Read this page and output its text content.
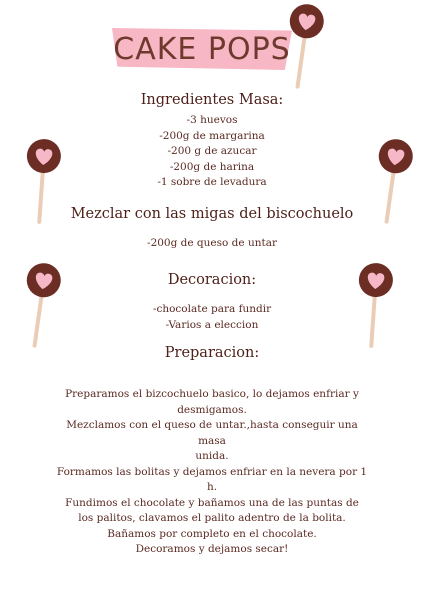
CAKE POPS
Ingredientes Masa:
-3 huevos
-200g de margarina
-200 g de azucar
-200g de harina
-1 sobre de levadura
Mezclar con las migas del biscochuelo
-200g de queso de untar
Decoracion:
-chocolate para fundir
-Varios a eleccion
Preparacion:
Preparamos el bizcochuelo basico, lo dejamos enfriar y
desmigamos.
Mezclamos con el queso de untar.,hasta conseguir una masa
unida.
Formamos las bolitas y dejamos enfriar en la nevera por 1 h.
Fundimos el chocolate y bañamos una de las puntas de
los palitos, clavamos el palito adentro de la bolita.
Bañamos por completo en el chocolate.
Decoramos y dejamos secar!
